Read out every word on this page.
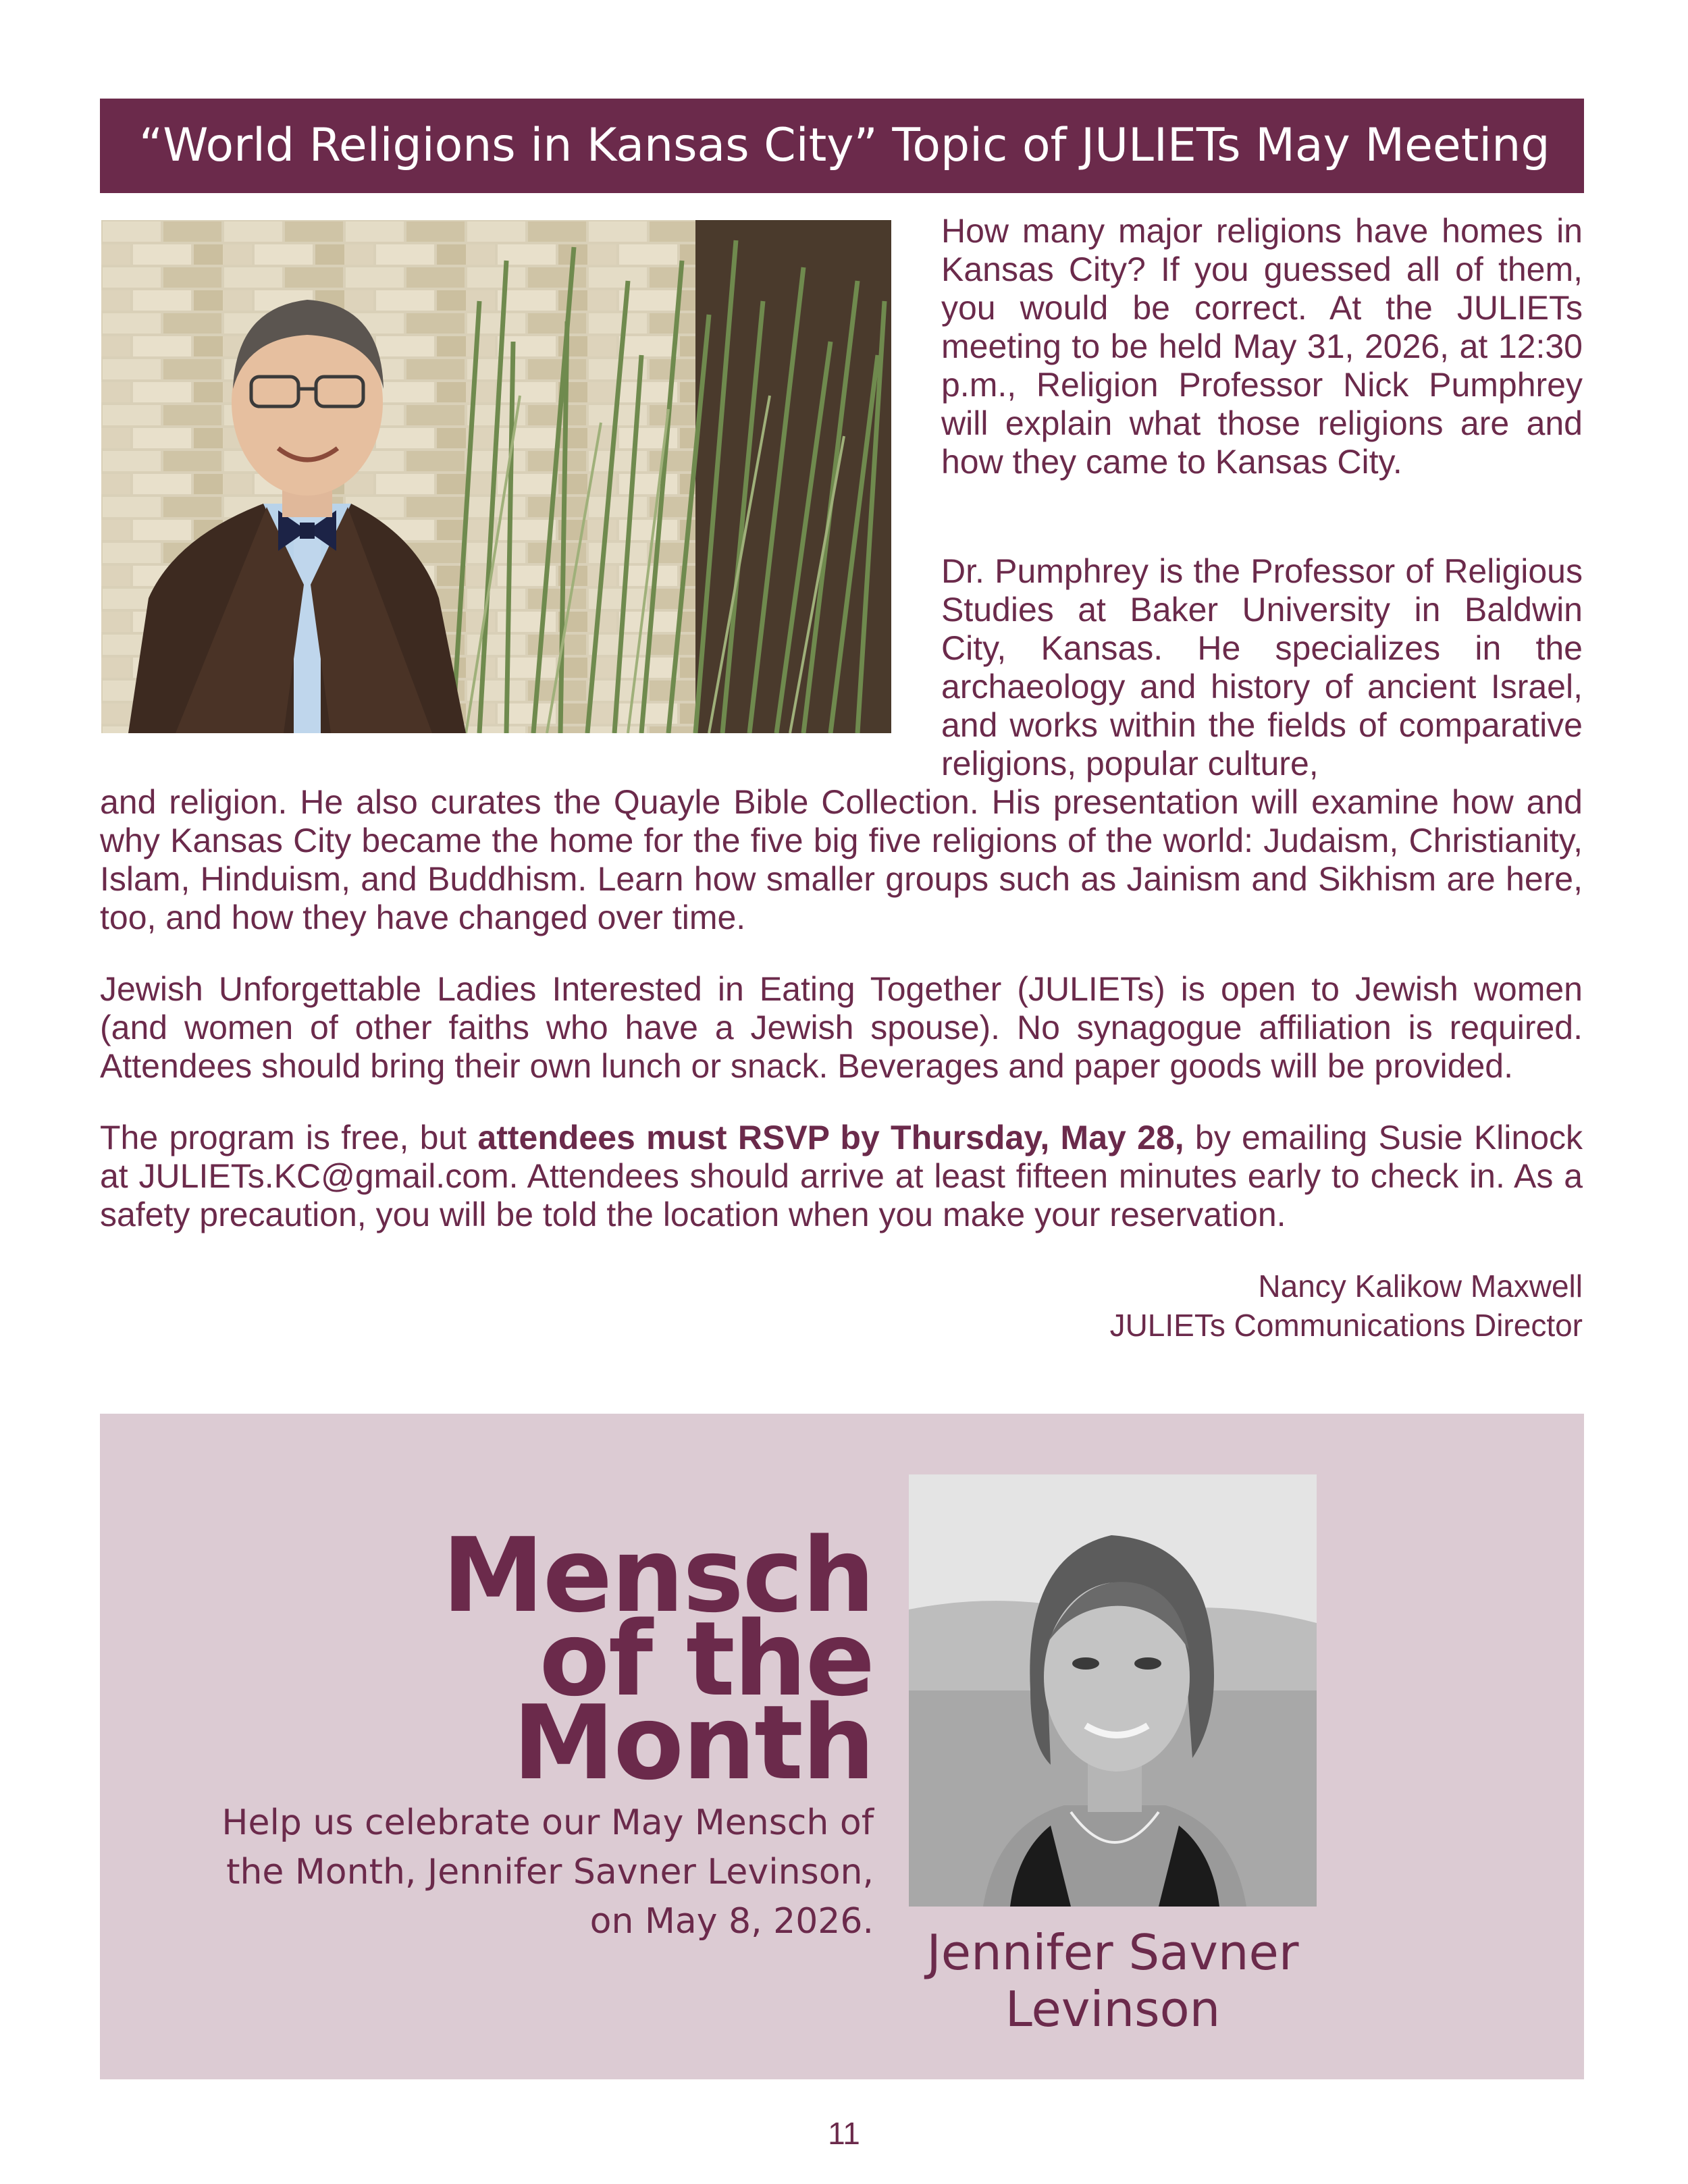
“World Religions in Kansas City” Topic of JULIETs May Meeting

How many major religions have homes in Kansas City? If you guessed all of them, you would be correct. At the JULIETs meeting to be held May 31, 2026, at 12:30 p.m., Religion Professor Nick Pumphrey will explain what those religions are and how they came to Kansas City.

Dr. Pumphrey is the Professor of Religious Studies at Baker University in Baldwin City, Kansas. He specializes in the archaeology and history of ancient Israel, and works within the fields of comparative religions, popular culture,

and religion. He also curates the Quayle Bible Collection. His presentation will examine how and why Kansas City became the home for the five big five religions of the world: Judaism, Christianity, Islam, Hinduism, and Buddhism. Learn how smaller groups such as Jainism and Sikhism are here, too, and how they have changed over time.

Jewish Unforgettable Ladies Interested in Eating Together (JULIETs) is open to Jewish women (and women of other faiths who have a Jewish spouse). No synagogue affiliation is required. Attendees should bring their own lunch or snack. Beverages and paper goods will be provided.

The program is free, but attendees must RSVP by Thursday, May 28, by emailing Susie Klinock at JULIETs.KC@gmail.com. Attendees should arrive at least fifteen minutes early to check in. As a safety precaution, you will be told the location when you make your reservation.

Nancy Kalikow Maxwell
JULIETs Communications Director
Mensch
of the
Month
Help us celebrate our May Mensch of
the Month, Jennifer Savner Levinson,
on May 8, 2026.
Jennifer Savner
Levinson
11
